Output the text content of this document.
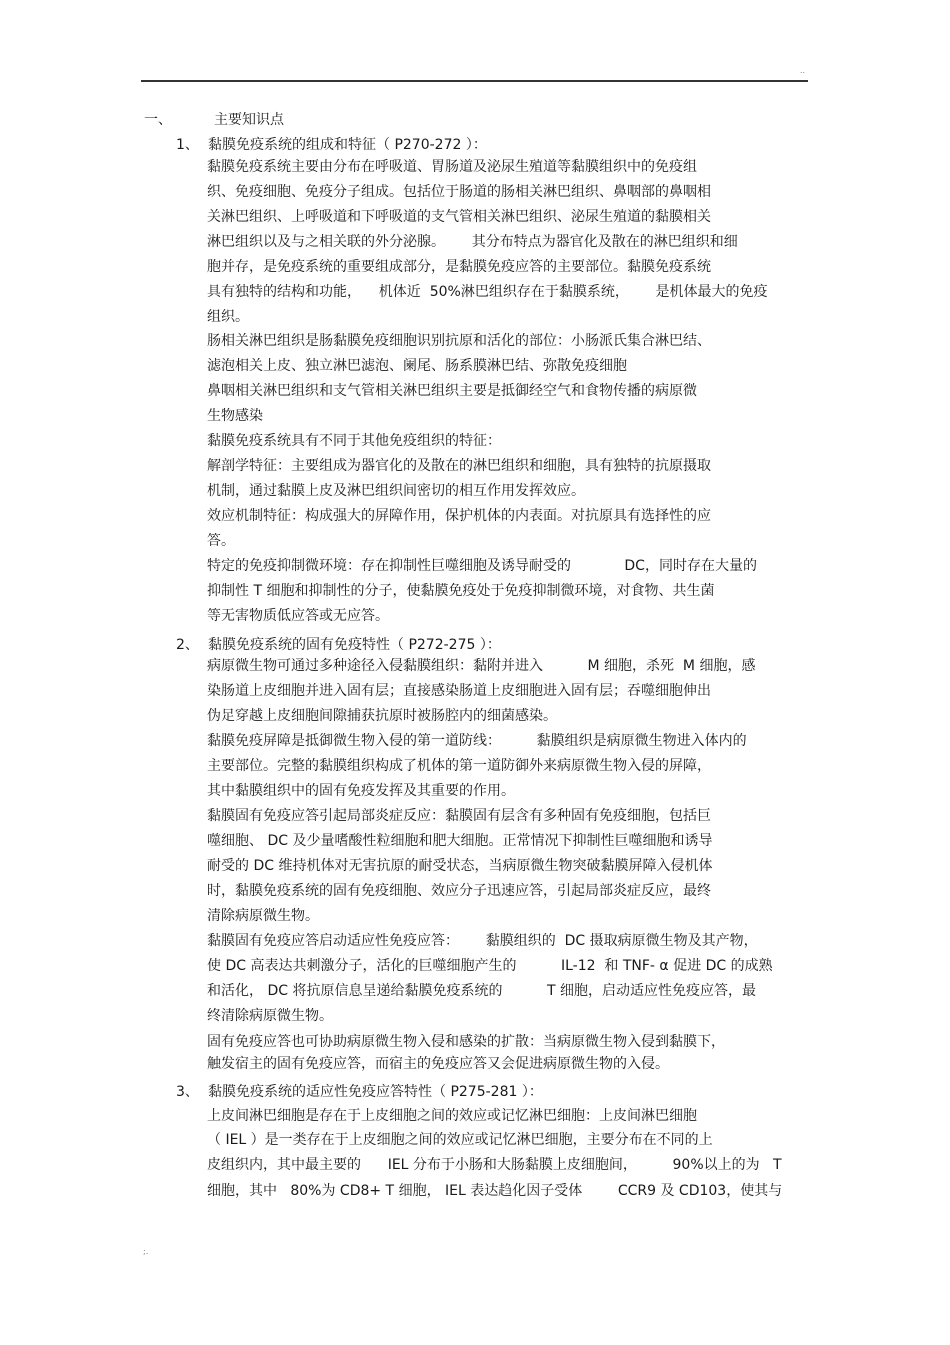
..
一、	主要知识点
1、 黏膜免疫系统的组成和特征（ P270-272 ）：
黏膜免疫系统主要由分布在呼吸道、胃肠道及泌尿生殖道等黏膜组织中的免疫组
织、免疫细胞、免疫分子组成。包括位于肠道的肠相关淋巴组织、鼻咽部的鼻咽相
关淋巴组织、上呼吸道和下呼吸道的支气管相关淋巴组织、泌尿生殖道的黏膜相关
淋巴组织以及与之相关联的外分泌腺。      其分布特点为器官化及散在的淋巴组织和细
胞并存，是免疫系统的重要组成部分，是黏膜免疫应答的主要部位。黏膜免疫系统
具有独特的结构和功能，    机体近  50%淋巴组织存在于黏膜系统，      是机体最大的免疫
组织。
肠相关淋巴组织是肠黏膜免疫细胞识别抗原和活化的部位：小肠派氏集合淋巴结、
滤泡相关上皮、独立淋巴滤泡、阑尾、肠系膜淋巴结、弥散免疫细胞
鼻咽相关淋巴组织和支气管相关淋巴组织主要是抵御经空气和食物传播的病原微
生物感染
黏膜免疫系统具有不同于其他免疫组织的特征：
解剖学特征：主要组成为器官化的及散在的淋巴组织和细胞，具有独特的抗原摄取
机制，通过黏膜上皮及淋巴组织间密切的相互作用发挥效应。
效应机制特征：构成强大的屏障作用，保护机体的内表面。对抗原具有选择性的应
答。
特定的免疫抑制微环境：存在抑制性巨噬细胞及诱导耐受的            DC，同时存在大量的
抑制性 T 细胞和抑制性的分子，使黏膜免疫处于免疫抑制微环境，对食物、共生菌
等无害物质低应答或无应答。
2、 黏膜免疫系统的固有免疫特性（ P272-275 ）：
病原微生物可通过多种途径入侵黏膜组织：黏附并进入          M 细胞，杀死  M 细胞，感
染肠道上皮细胞并进入固有层；直接感染肠道上皮细胞进入固有层；吞噬细胞伸出
伪足穿越上皮细胞间隙捕获抗原时被肠腔内的细菌感染。
黏膜免疫屏障是抵御微生物入侵的第一道防线：        黏膜组织是病原微生物进入体内的
主要部位。完整的黏膜组织构成了机体的第一道防御外来病原微生物入侵的屏障，
其中黏膜组织中的固有免疫发挥及其重要的作用。
黏膜固有免疫应答引起局部炎症反应：黏膜固有层含有多种固有免疫细胞，包括巨
噬细胞、 DC 及少量嗜酸性粒细胞和肥大细胞。正常情况下抑制性巨噬细胞和诱导
耐受的 DC 维持机体对无害抗原的耐受状态，当病原微生物突破黏膜屏障入侵机体
时，黏膜免疫系统的固有免疫细胞、效应分子迅速应答，引起局部炎症反应，最终
清除病原微生物。
黏膜固有免疫应答启动适应性免疫应答：      黏膜组织的  DC 摄取病原微生物及其产物，
使 DC 高表达共刺激分子，活化的巨噬细胞产生的          IL-12  和 TNF- α 促进 DC 的成熟
和活化， DC 将抗原信息呈递给黏膜免疫系统的          T 细胞，启动适应性免疫应答，最
终清除病原微生物。
固有免疫应答也可协助病原微生物入侵和感染的扩散：当病原微生物入侵到黏膜下，
触发宿主的固有免疫应答，而宿主的免疫应答又会促进病原微生物的入侵。
3、 黏膜免疫系统的适应性免疫应答特性（ P275-281 ）：
上皮间淋巴细胞是存在于上皮细胞之间的效应或记忆淋巴细胞：上皮间淋巴细胞
（ IEL ）是一类存在于上皮细胞之间的效应或记忆淋巴细胞，主要分布在不同的上
皮组织内，其中最主要的      IEL 分布于小肠和大肠黏膜上皮细胞间，        90%以上的为   T
细胞，其中   80%为 CD8+ T 细胞， IEL 表达趋化因子受体        CCR9 及 CD103，使其与
;.
